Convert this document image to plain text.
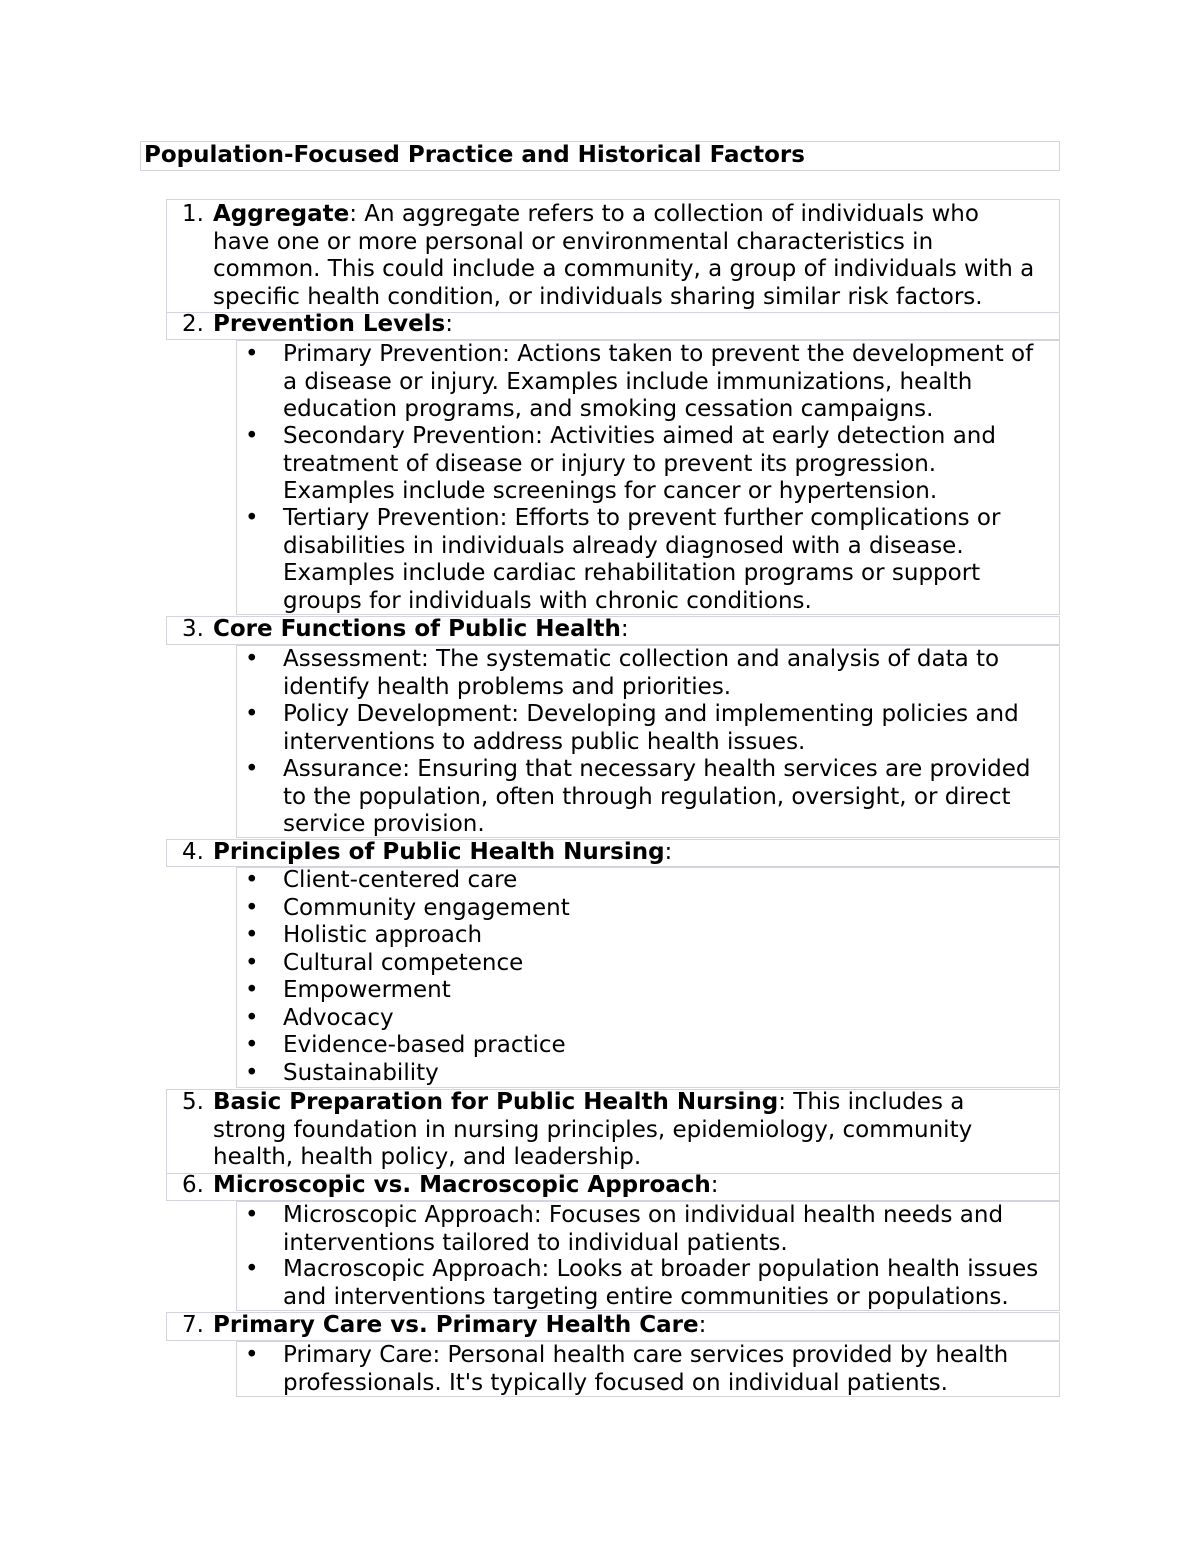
Population-Focused Practice and Historical Factors
1. Aggregate: An aggregate refers to a collection of individuals who
have one or more personal or environmental characteristics in
common. This could include a community, a group of individuals with a
specific health condition, or individuals sharing similar risk factors.
2. Prevention Levels:
• Primary Prevention: Actions taken to prevent the development of
a disease or injury. Examples include immunizations, health
education programs, and smoking cessation campaigns.
• Secondary Prevention: Activities aimed at early detection and
treatment of disease or injury to prevent its progression.
Examples include screenings for cancer or hypertension.
• Tertiary Prevention: Efforts to prevent further complications or
disabilities in individuals already diagnosed with a disease.
Examples include cardiac rehabilitation programs or support
groups for individuals with chronic conditions.
3. Core Functions of Public Health:
• Assessment: The systematic collection and analysis of data to
identify health problems and priorities.
• Policy Development: Developing and implementing policies and
interventions to address public health issues.
• Assurance: Ensuring that necessary health services are provided
to the population, often through regulation, oversight, or direct
service provision.
4. Principles of Public Health Nursing:
• Client-centered care
• Community engagement
• Holistic approach
• Cultural competence
• Empowerment
• Advocacy
• Evidence-based practice
• Sustainability
5. Basic Preparation for Public Health Nursing: This includes a
strong foundation in nursing principles, epidemiology, community
health, health policy, and leadership.
6. Microscopic vs. Macroscopic Approach:
• Microscopic Approach: Focuses on individual health needs and
interventions tailored to individual patients.
• Macroscopic Approach: Looks at broader population health issues
and interventions targeting entire communities or populations.
7. Primary Care vs. Primary Health Care:
• Primary Care: Personal health care services provided by health
professionals. It's typically focused on individual patients.
